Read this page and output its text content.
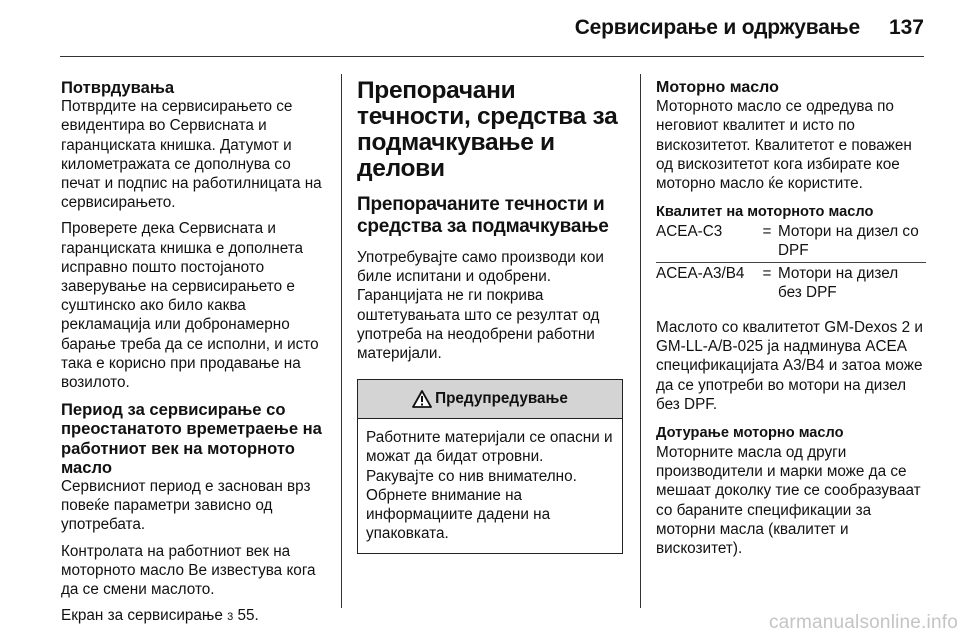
Сервисирање и одржување	137
Потврдувања

Потврдите на сервисирањето се евидентира во Сервисната и гаранциската книшка. Датумот и километражата се дополнува со печат и подпис на работилницата на сервисирањето.

Проверете дека Сервисната и гаранциската книшка е дополнета исправно пошто постојаното заверување на сервисирањето е суштинско ако било каква рекламација или добронамерно барање треба да се исполни, и исто така е корисно при продавање на возилото.

Период за сервисирање со преостанатото времетраење на работниот век на моторното масло

Сервисниот период е заснован врз повеќе параметри зависно од употребата.

Контролата на работниот век на моторното масло Ве известува кога да се смени маслото.

Екран за сервисирање 3 55.

Препорачани течности, средства за подмачкување и делови
Препорачаните течности и средства за подмачкување

Употребувајте само производи кои биле испитани и одобрени. Гаранцијата не ги покрива оштетувањата што се резултат од употреба на неодобрени работни материјали.

Предупредување

Работните материјали се опасни и можат да бидат отровни. Ракувајте со нив внимателно. Обрнете внимание на информациите дадени на упаковката.

Моторно масло

Моторното масло се одредува по неговиот квалитет и исто по вискозитетот. Квалитетот е поважен од вискозитетот кога избирате кое моторно масло ќе користите.

Квалитет на моторното масло
ACEA-C3	=	Мотори на дизел со DPF
ACEA-A3/B4	=	Мотори на дизел без DPF

Маслото со квалитетот GM-Dexos 2 и GM-LL-A/B-025 ја надминува ACEA спецификацијата A3/B4 и затоа може да се употреби во мотори на дизел без DPF.

Дотурање моторно масло

Моторните масла од други производители и марки може да се мешаат доколку тие се сообразуваат со бараните спецификации за моторни масла (квалитет и вискозитет).

carmanualsonline.info
